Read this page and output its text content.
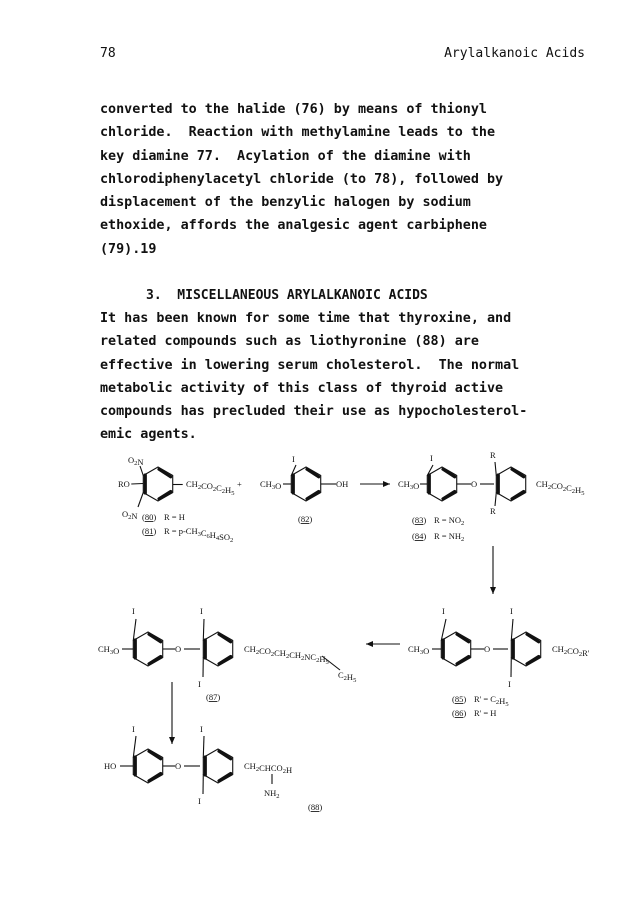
78	Arylalkanoic Acids
converted to the halide (76) by means of thionyl
chloride.  Reaction with methylamine leads to the
key diamine 77.  Acylation of the diamine with
chlorodiphenylacetyl chloride (to 78), followed by
displacement of the benzylic halogen by sodium
ethoxide, affords the analgesic agent carbiphene
(79).19
3.  MISCELLANEOUS ARYLALKANOIC ACIDS
It has been known for some time that thyroxine, and
related compounds such as liothyronine (88) are
effective in lowering serum cholesterol.  The normal
metabolic activity of this class of thyroid active
compounds has precluded their use as hypocholesterol-
emic agents.
$O_2N$
RO
$O_2N$
$CH_2CO_2C_2H_5$
(80) R = H
(81) $R = p-CH_3C_6H_4SO_2$
+
I
$CH_3O$	OH
(82)
I
$CH_3O$	O
R
R
$CH_2CO_2C_2H_5$
(83) $R = NO_2$
(84) $R = NH_2$
I
$CH_3O$	O
I
I
$CH_2CO_2R'$
(85) $R' = C_2H_5$
(86) R' = H
I
$CH_3O$	O
I
I
$CH_2CO_2CH_2CH_2NC_2H_5$
$C_2H_5$
(87)
I
HO	O
I
I
$CH_2CHCO_2H$
$NH_2$
(88)
